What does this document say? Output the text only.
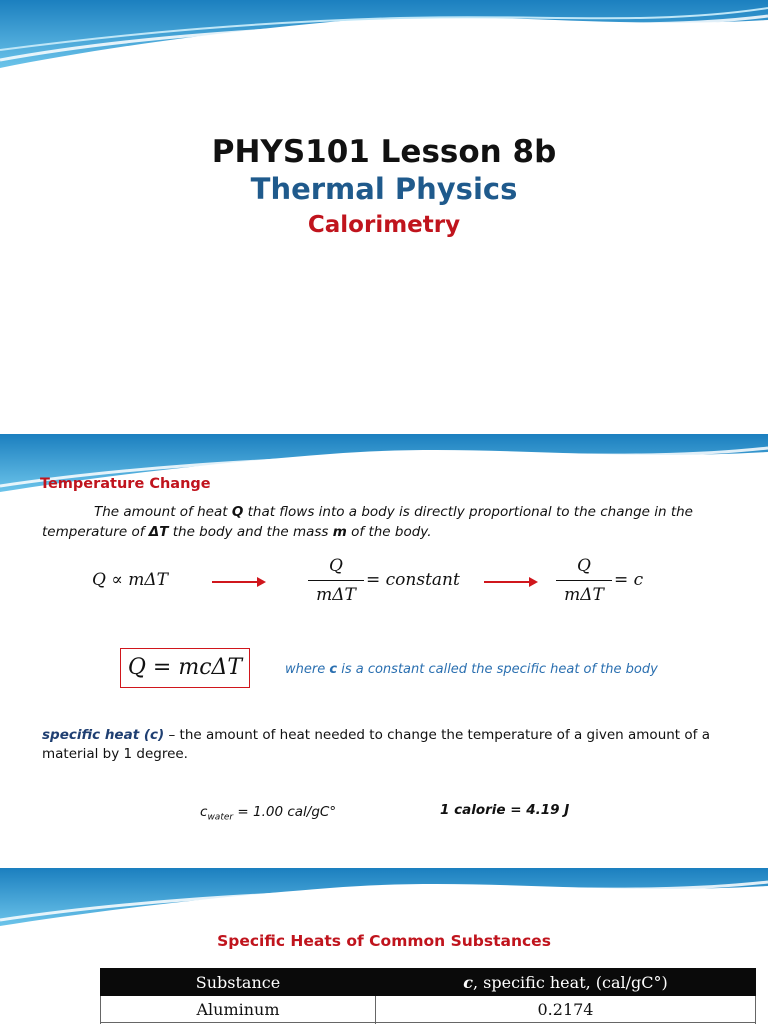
PHYS101 Lesson 8b
Thermal Physics
Calorimetry
Temperature Change
The amount of heat Q that flows into a body is directly proportional to the change in the temperature of ΔT the body and the mass m of the body.
Q ∝ mΔT
Q
mΔT
= constant
Q
mΔT
= c
Q = mcΔT	where c is a constant called the specific heat of the body
specific heat (c) – the amount of heat needed to change the temperature of a given amount of a material by 1 degree.
$c_{water} = 1.00$ cal/gC°	1 calorie = 4.19 J
Specific Heats of Common Substances
Substance	c, specific heat, (cal/gC°)
Aluminum	0.2174
